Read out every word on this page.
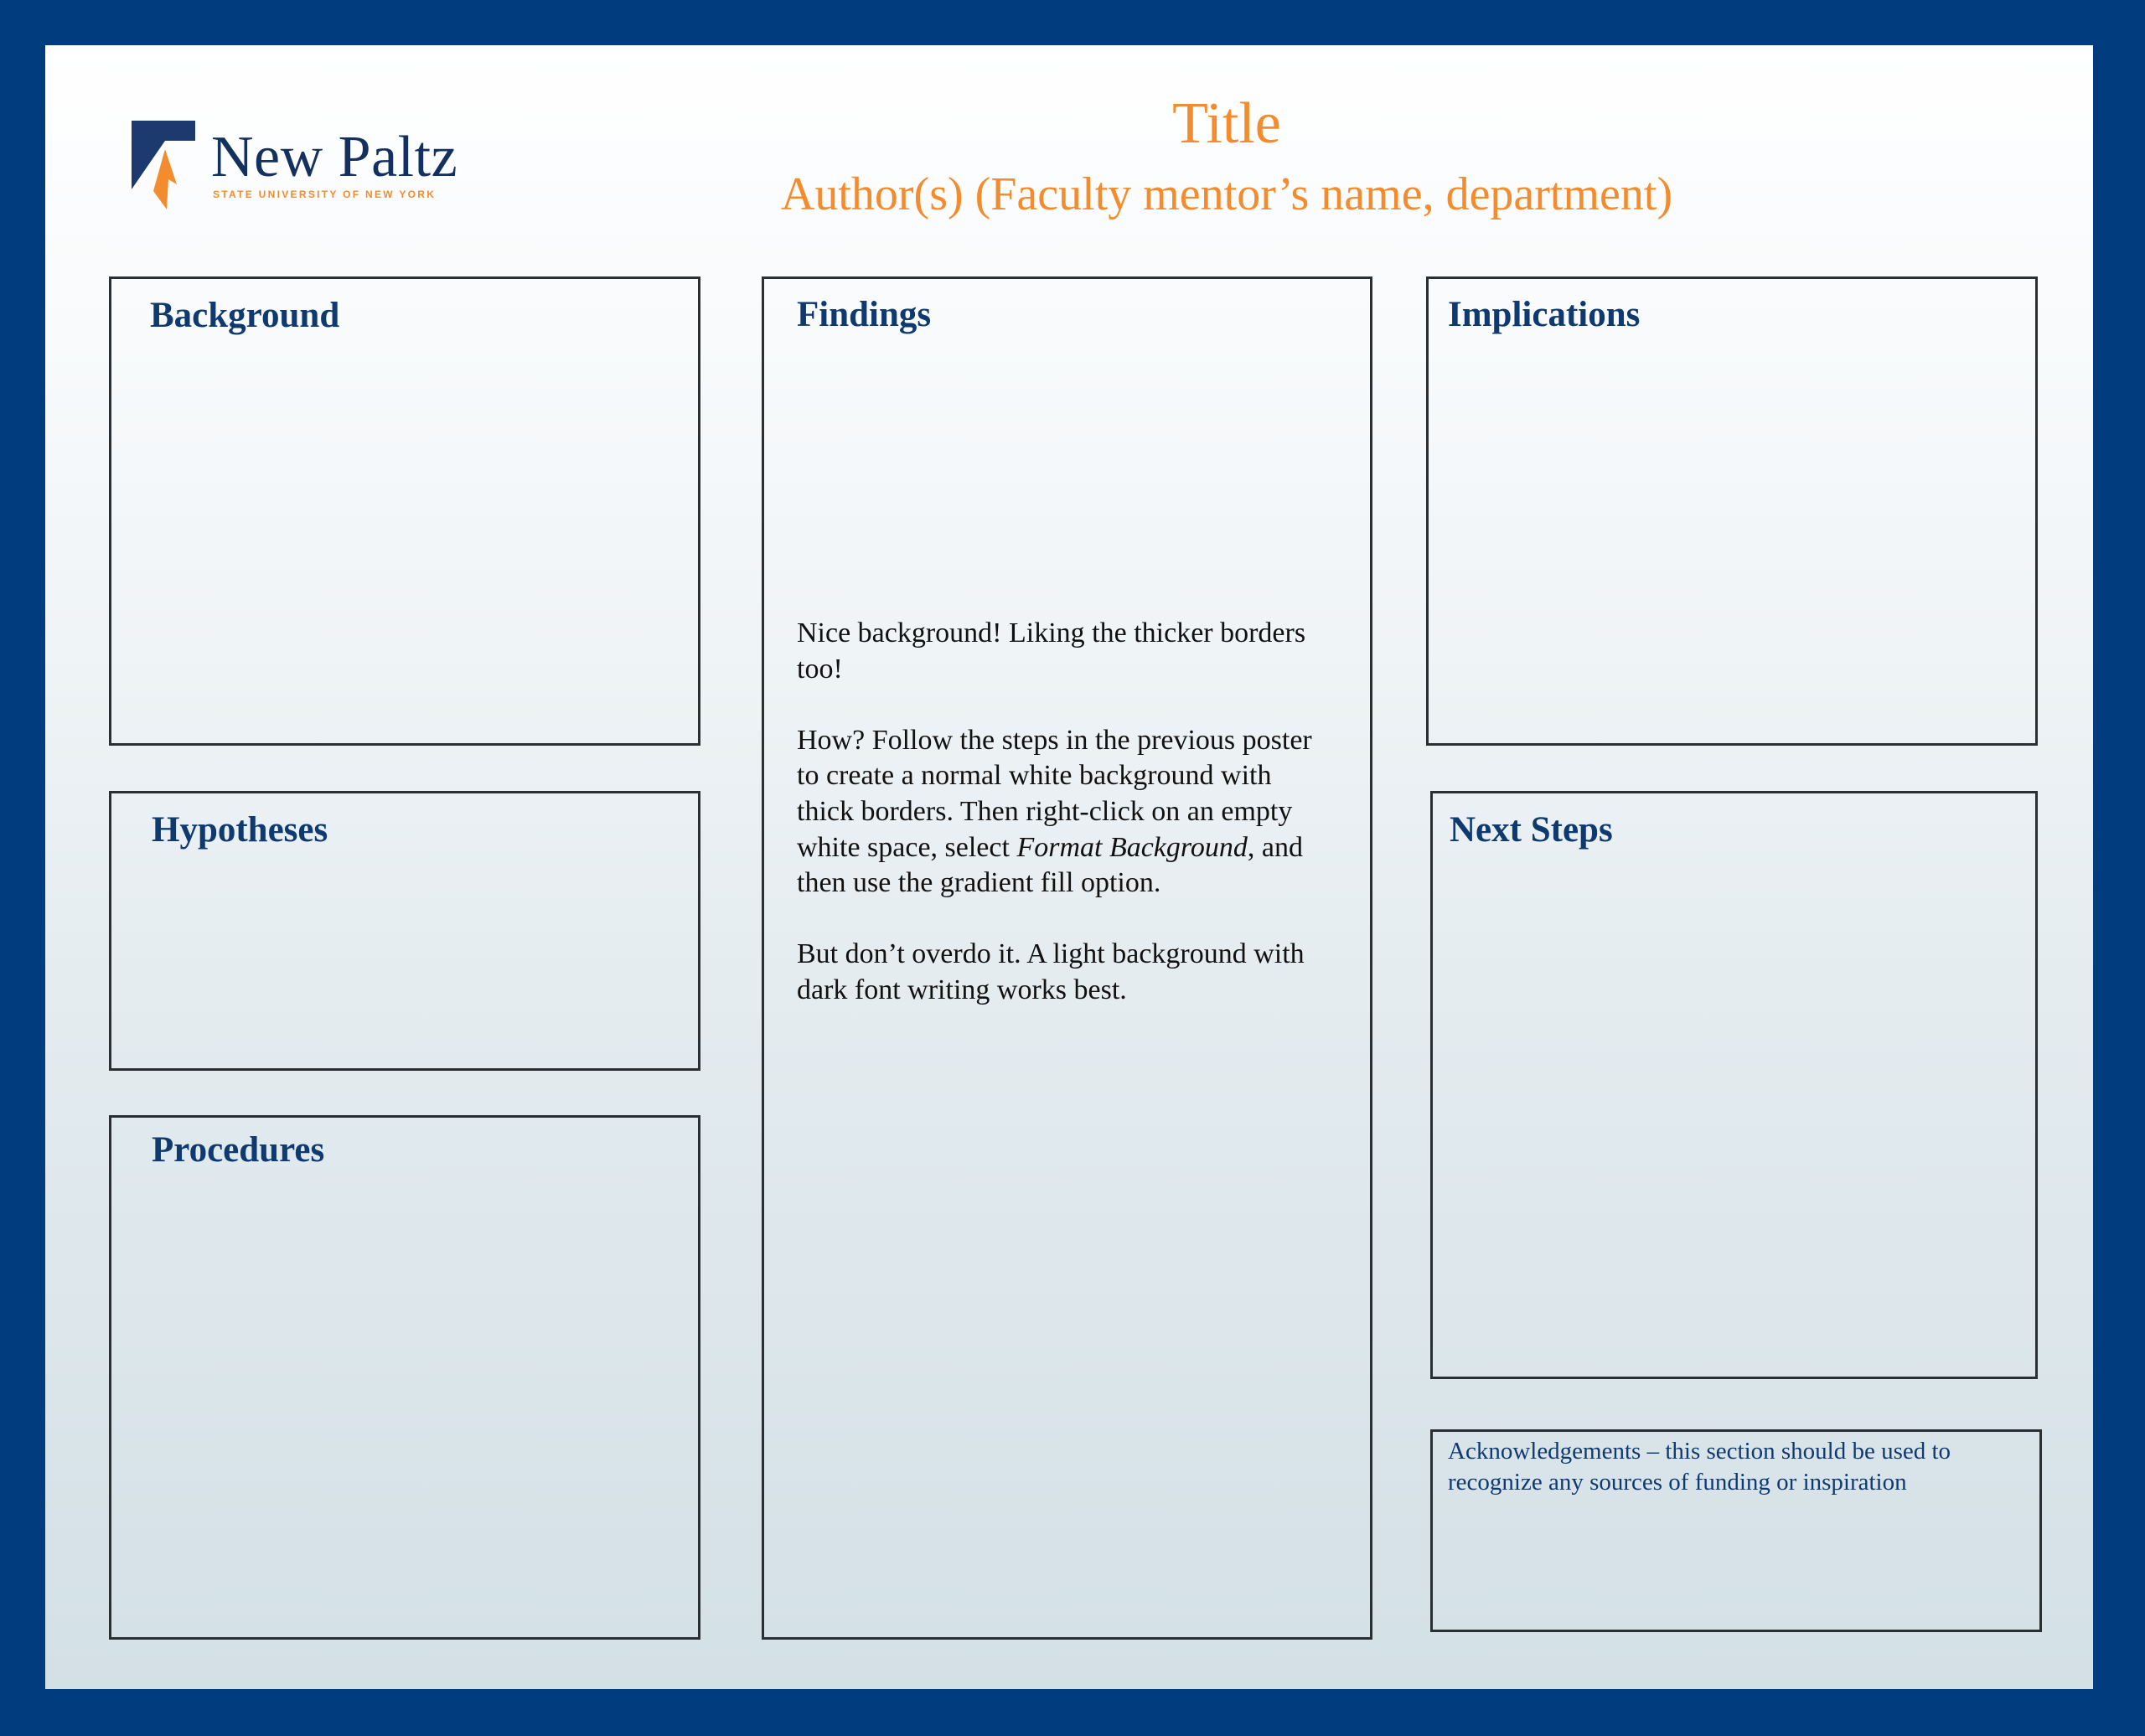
New Paltz
STATE UNIVERSITY OF NEW YORK
Title
Author(s) (Faculty mentor’s name, department)
Background
Hypotheses
Procedures
Findings

Nice background! Liking the thicker borders too!

How? Follow the steps in the previous poster to create a normal white background with thick borders. Then right-click on an empty white space, select Format Background, and then use the gradient fill option.

But don’t overdo it. A light background with dark font writing works best.

Implications
Next Steps
Acknowledgements – this section should be used to recognize any sources of funding or inspiration
